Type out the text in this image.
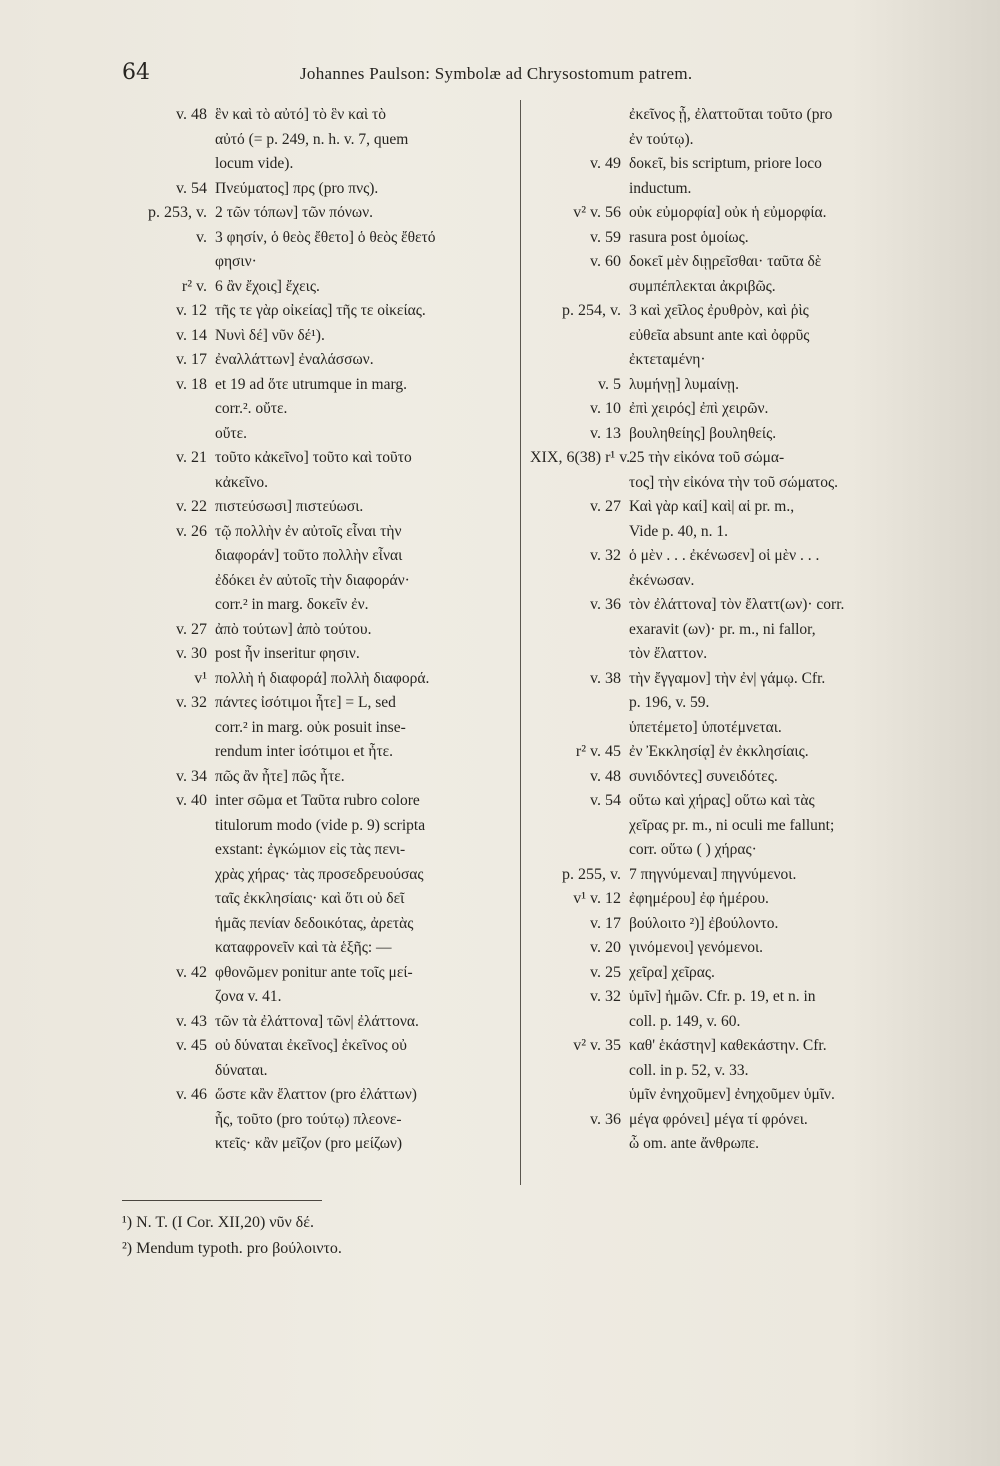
64	Johannes Paulson: Symbolæ ad Chrysostomum patrem.
v. 48 ἓν καὶ τὸ αὐτό] τὸ ἓν καὶ τὸ
αὐτό (= p. 249, n. h. v. 7, quem
locum vide).
v. 54 Πνεύματος] πρς (pro πνς).
p. 253, v. 2 τῶν τόπων] τῶν πόνων.
v. 3 φησίν, ὁ θεὸς ἔθετο] ὁ θεὸς ἔθετό
φησιν·
r² v. 6 ἂν ἔχοις] ἔχεις.
v. 12 τῆς τε γὰρ οἰκείας] τῆς τε οἰκείας.
v. 14 Νυνὶ δέ] νῦν δέ¹).
v. 17 ἐναλλάττων] ἐναλάσσων.
v. 18 et 19 ad ὅτε utrumque in marg.
corr.². οὔτε.
οὔτε.
v. 21 τοῦτο κἀκεῖνο] τοῦτο καὶ τοῦτο
κἀκεῖνο.
v. 22 πιστεύσωσι] πιστεύωσι.
v. 26 τῷ πολλὴν ἐν αὐτοῖς εἶναι τὴν
διαφοράν] τοῦτο πολλὴν εἶναι
ἐδόκει ἐν αὐτοῖς τὴν διαφοράν·
corr.² in marg. δοκεῖν ἐν.
v. 27 ἀπὸ τούτων] ἀπὸ τούτου.
v. 30 post ἦν inseritur φησιν.
v¹ πολλὴ ἡ διαφορά] πολλὴ διαφορά.
v. 32 πάντες ἰσότιμοι ἦτε] = L, sed
corr.² in marg. οὐκ posuit inse-
rendum inter ἰσότιμοι et ἦτε.
v. 34 πῶς ἂν ἦτε] πῶς ἦτε.
v. 40 inter σῶμα et Ταῦτα rubro colore
titulorum modo (vide p. 9) scripta
exstant: ἐγκώμιον εἰς τὰς πενι-
χρὰς χήρας· τὰς προσεδρευούσας
ταῖς ἐκκλησίαις· καὶ ὅτι οὐ δεῖ
ἡμᾶς πενίαν δεδοικότας, ἀρετὰς
καταφρονεῖν καὶ τὰ ἑξῆς: —
v. 42 φθονῶμεν ponitur ante τοῖς μεί-
ζονα v. 41.
v. 43 τῶν τὰ ἐλάττονα] τῶν| ἐλάττονα.
v. 45 οὐ δύναται ἐκεῖνος] ἐκεῖνος οὐ
δύναται.
v. 46 ὥστε κἂν ἔλαττον (pro ἐλάττων)
ἧς, τοῦτο (pro τούτῳ) πλεονε-
κτεῖς· κἂν μεῖζον (pro μείζων)
ἐκεῖνος ᾖ, ἐλαττοῦται τοῦτο (pro
ἐν τούτῳ).
v. 49 δοκεῖ, bis scriptum, priore loco
inductum.
v² v. 56 οὐκ εὐμορφία] οὐκ ἡ εὐμορφία.
v. 59 rasura post ὁμοίως.
v. 60 δοκεῖ μὲν διῃρεῖσθαι· ταῦτα δὲ
συμπέπλεκται ἀκριβῶς.
p. 254, v. 3 καὶ χεῖλος ἐρυθρὸν, καὶ ῥὶς
εὐθεῖα absunt ante καὶ ὀφρῦς
ἐκτεταμένη·
v. 5 λυμήνῃ] λυμαίνῃ.
v. 10 ἐπὶ χειρός] ἐπὶ χειρῶν.
v. 13 βουληθείης] βουληθείς.
XIX, 6(38) r¹ v.
25 τὴν εἰκόνα τοῦ σώμα-
τος] τὴν εἰκόνα τὴν τοῦ σώματος.
v. 27 Καὶ γὰρ καί] καὶ| αἱ pr. m.,
Vide p. 40, n. 1.
v. 32 ὁ μὲν . . . ἐκένωσεν] οἱ μὲν . . .
ἐκένωσαν.
v. 36 τὸν ἐλάττονα] τὸν ἔλαττ(ων)· corr.
exaravit (ων)· pr. m., ni fallor,
τὸν ἔλαττον.
v. 38 τὴν ἔγγαμον] τὴν ἐν| γάμῳ. Cfr.
p. 196, v. 59.
ὑπετέμετο] ὑποτέμνεται.
r² v. 45 ἐν Ἐκκλησίᾳ] ἐν ἐκκλησίαις.
v. 48 συνιδόντες] συνειδότες.
v. 54 οὕτω καὶ χήρας] οὕτω καὶ τὰς
χεῖρας pr. m., ni oculi me fallunt;
corr. οὕτω ( ) χήρας·
p. 255, v. 7 πηγνύμεναι] πηγνύμενοι.
v¹ v. 12 ἐφημέρου] ἐφ ἡμέρου.
v. 17 βούλοιτο ²)] ἐβούλοντο.
v. 20 γινόμενοι] γενόμενοι.
v. 25 χεῖρα] χεῖρας.
v. 32 ὑμῖν] ἡμῶν. Cfr. p. 19, et n. in
coll. p. 149, v. 60.
v² v. 35 καθ' ἑκάστην] καθεκάστην. Cfr.
coll. in p. 52, v. 33.
ὑμῖν ἐνηχοῦμεν] ἐνηχοῦμεν ὑμῖν.
v. 36 μέγα φρόνει] μέγα τί φρόνει.
ὦ om. ante ἄνθρωπε.
¹) N. T. (I Cor. XII,20) νῦν δέ.
²) Mendum typoth. pro βούλοιντο.
